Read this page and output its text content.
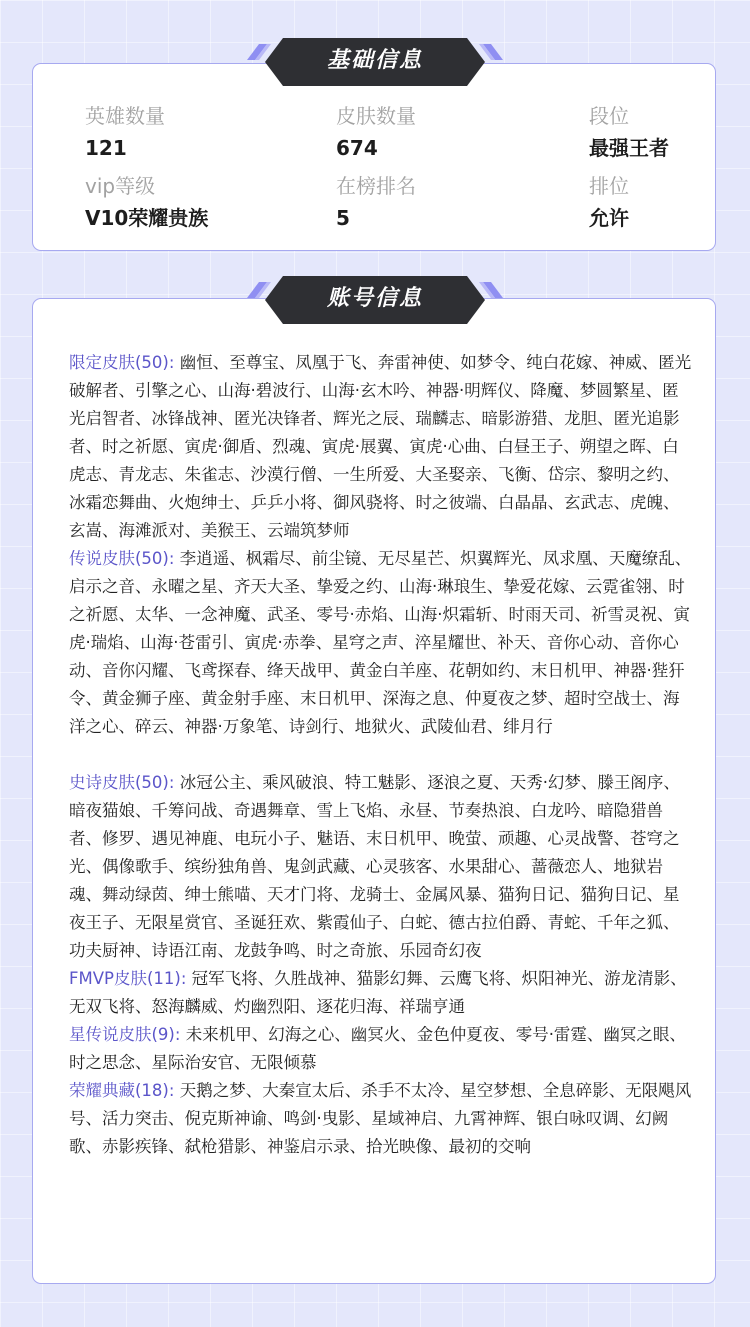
英雄数量
121
皮肤数量
674
段位
最强王者
vip等级
V10荣耀贵族
在榜排名
5
排位
允许
基础信息

限定皮肤(50): 幽恒、至尊宝、凤凰于飞、奔雷神使、如梦令、纯白花嫁、神威、匿光破解者、引擎之心、山海·碧波行、山海·玄木吟、神器·明辉仪、降魔、梦圆繁星、匿光启智者、冰锋战神、匿光决锋者、辉光之辰、瑞麟志、暗影游猎、龙胆、匿光追影者、时之祈愿、寅虎·御盾、烈魂、寅虎·展翼、寅虎·心曲、白昼王子、朔望之晖、白虎志、青龙志、朱雀志、沙漠行僧、一生所爱、大圣娶亲、飞衡、岱宗、黎明之约、冰霜恋舞曲、火炮绅士、乒乒小将、御风骁将、时之彼端、白晶晶、玄武志、虎魄、玄嵩、海滩派对、美猴王、云端筑梦师

传说皮肤(50): 李逍遥、枫霜尽、前尘镜、无尽星芒、炽翼辉光、凤求凰、天魔缭乱、启示之音、永曜之星、齐天大圣、挚爱之约、山海·琳琅生、挚爱花嫁、云霓雀翎、时之祈愿、太华、一念神魔、武圣、零号·赤焰、山海·炽霜斩、时雨天司、祈雪灵祝、寅虎·瑞焰、山海·苍雷引、寅虎·赤拳、星穹之声、淬星耀世、补天、音你心动、音你心动、音你闪耀、飞鸢探春、绛天战甲、黄金白羊座、花朝如约、末日机甲、神器·狴犴令、黄金狮子座、黄金射手座、末日机甲、深海之息、仲夏夜之梦、超时空战士、海洋之心、碎云、神器·万象笔、诗剑行、地狱火、武陵仙君、绯月行

史诗皮肤(50): 冰冠公主、乘风破浪、特工魅影、逐浪之夏、天秀·幻梦、滕王阁序、暗夜猫娘、千筹问战、奇遇舞章、雪上飞焰、永昼、节奏热浪、白龙吟、暗隐猎兽者、修罗、遇见神鹿、电玩小子、魅语、末日机甲、晚萤、顽趣、心灵战警、苍穹之光、偶像歌手、缤纷独角兽、鬼剑武藏、心灵骇客、水果甜心、蔷薇恋人、地狱岩魂、舞动绿茵、绅士熊喵、天才门将、龙骑士、金属风暴、猫狗日记、猫狗日记、星夜王子、无限星赏官、圣诞狂欢、紫霞仙子、白蛇、德古拉伯爵、青蛇、千年之狐、功夫厨神、诗语江南、龙鼓争鸣、时之奇旅、乐园奇幻夜

FMVP皮肤(11): 冠军飞将、久胜战神、猫影幻舞、云鹰飞将、炽阳神光、游龙清影、无双飞将、怒海麟威、灼幽烈阳、逐花归海、祥瑞亨通

星传说皮肤(9): 未来机甲、幻海之心、幽冥火、金色仲夏夜、零号·雷霆、幽冥之眼、时之思念、星际治安官、无限倾慕

荣耀典藏(18): 天鹅之梦、大秦宣太后、杀手不太冷、星空梦想、全息碎影、无限飓风号、活力突击、倪克斯神谕、鸣剑·曳影、星域神启、九霄神辉、银白咏叹调、幻阙歌、赤影疾锋、弑枪猎影、神鉴启示录、拾光映像、最初的交响

账号信息
